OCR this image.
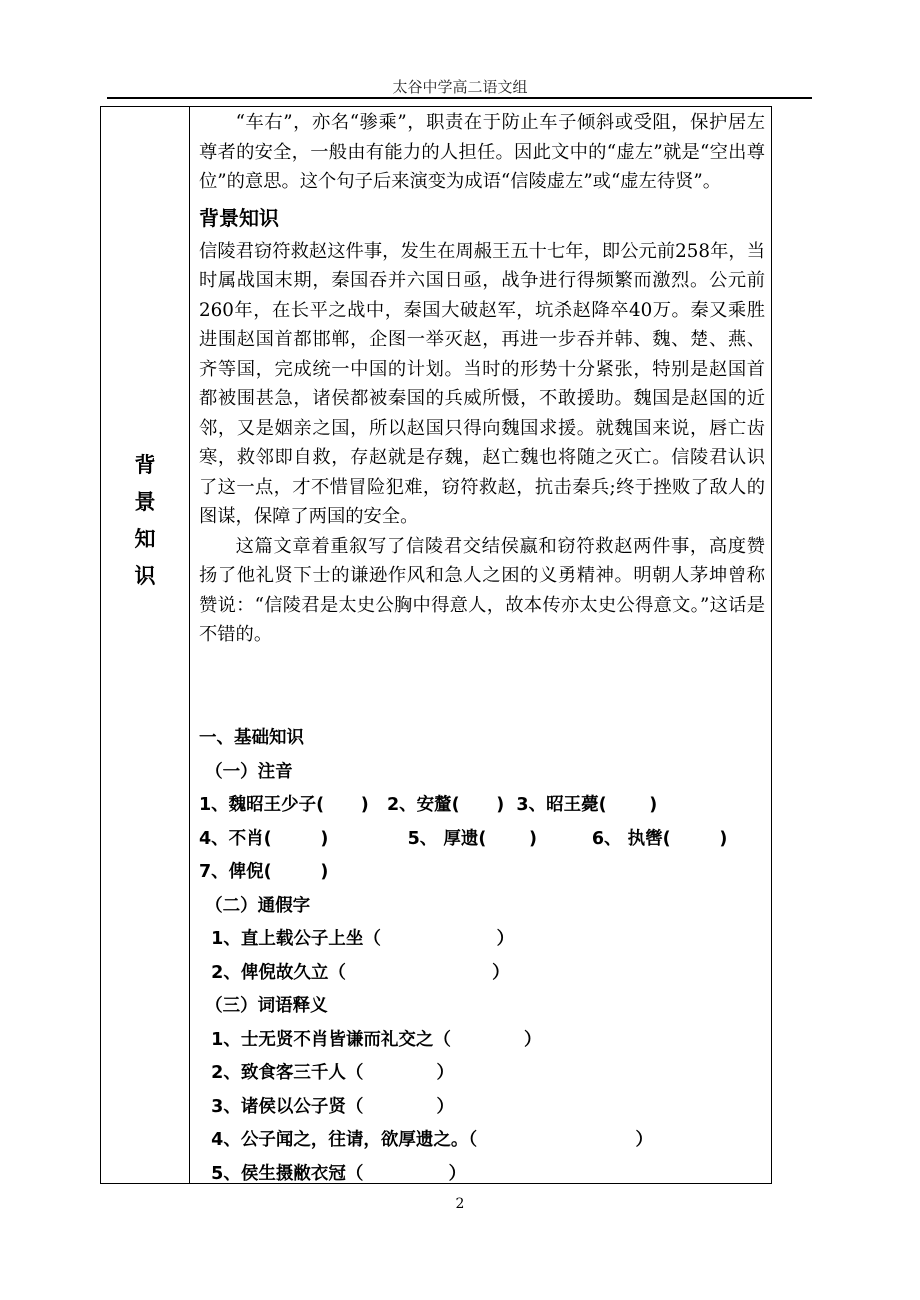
太谷中学高二语文组
背
景
知
识

“车右”，亦名“骖乘”，职责在于防止车子倾斜或受阻，保护居左尊者的安全，一般由有能力的人担任。因此文中的“虚左”就是“空出尊位”的意思。这个句子后来演变为成语“信陵虚左”或“虚左待贤”。

背景知识

信陵君窃符救赵这件事，发生在周赧王五十七年，即公元前258年，当时属战国末期，秦国吞并六国日亟，战争进行得频繁而激烈。公元前260年，在长平之战中，秦国大破赵军，坑杀赵降卒40万。秦又乘胜进围赵国首都邯郸，企图一举灭赵，再进一步吞并韩、魏、楚、燕、齐等国，完成统一中国的计划。当时的形势十分紧张，特别是赵国首都被围甚急，诸侯都被秦国的兵威所慑，不敢援助。魏国是赵国的近邻，又是姻亲之国，所以赵国只得向魏国求援。就魏国来说，唇亡齿寒，救邻即自救，存赵就是存魏，赵亡魏也将随之灭亡。信陵君认识了这一点，才不惜冒险犯难，窃符救赵，抗击秦兵;终于挫败了敌人的图谋，保障了两国的安全。

这篇文章着重叙写了信陵君交结侯嬴和窃符救赵两件事，高度赞扬了他礼贤下士的谦逊作风和急人之困的义勇精神。明朝人茅坤曾称赞说：“信陵君是太史公胸中得意人，故本传亦太史公得意文。”这话是不错的。

一、基础知识
（一）注音
1、魏昭王少子(      )   2、安釐(      )  3、昭王薨(       )
4、不肖(        )             5、 厚遗(       )         6、 执辔(        )
7、俾倪(        )
（二）通假字
1、直上载公子上坐（                   ）
2、俾倪故久立（                        ）
（三）词语释义
1、士无贤不肖皆谦而礼交之（            ）
2、致食客三千人（            ）
3、诸侯以公子贤（            ）
4、公子闻之，往请，欲厚遗之。（                          ）
5、侯生摄敝衣冠（              ）
2
